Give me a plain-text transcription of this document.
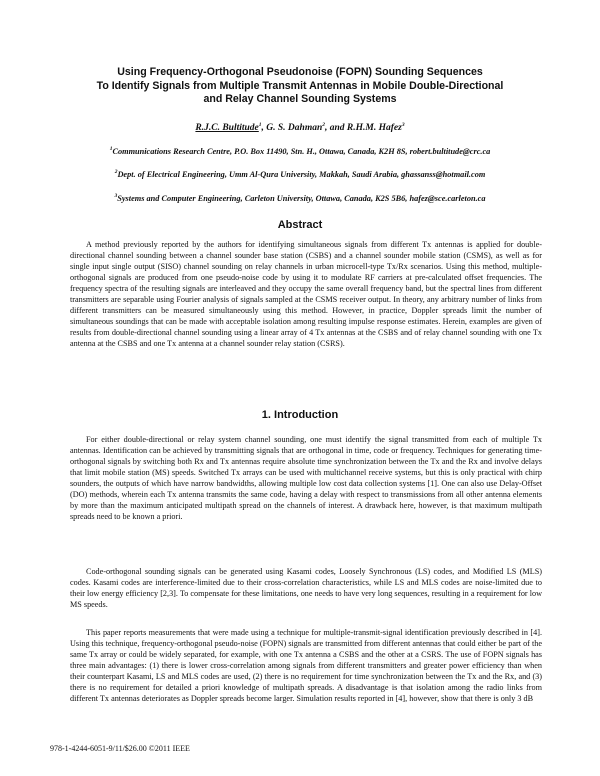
Using Frequency-Orthogonal Pseudonoise (FOPN) Sounding Sequences
To Identify Signals from Multiple Transmit Antennas in Mobile Double-Directional
and Relay Channel Sounding Systems
R.J.C. Bultitude$^1$, G. S. Dahman$^2$, and R.H.M. Hafez$^3$
$^1$Communications Research Centre, P.O. Box 11490, Stn. H., Ottawa, Canada, K2H 8S, robert.bultitude@crc.ca
$^2$Dept. of Electrical Engineering, Umm Al-Qura University, Makkah, Saudi Arabia, ghassanss@hotmail.com
$^3$Systems and Computer Engineering, Carleton University, Ottawa, Canada, K2S 5B6, hafez@sce.carleton.ca
Abstract
A method previously reported by the authors for identifying simultaneous signals from different Tx antennas is applied for double-directional channel sounding between a channel sounder base station (CSBS) and a channel sounder mobile station (CSMS), as well as for single input single output (SISO) channel sounding on relay channels in urban microcell-type Tx/Rx scenarios. Using this method, multiple-orthogonal signals are produced from one pseudo-noise code by using it to modulate RF carriers at pre-calculated offset frequencies. The frequency spectra of the resulting signals are interleaved and they occupy the same overall frequency band, but the spectral lines from different transmitters are separable using Fourier analysis of signals sampled at the CSMS receiver output. In theory, any arbitrary number of links from different transmitters can be measured simultaneously using this method. However, in practice, Doppler spreads limit the number of simultaneous soundings that can be made with acceptable isolation among resulting impulse response estimates. Herein, examples are given of results from double-directional channel sounding using a linear array of 4 Tx antennas at the CSBS and of relay channel sounding with one Tx antenna at the CSBS and one Tx antenna at a channel sounder relay station (CSRS).
1. Introduction
For either double-directional or relay system channel sounding, one must identify the signal transmitted from each of multiple Tx antennas. Identification can be achieved by transmitting signals that are orthogonal in time, code or frequency. Techniques for generating time-orthogonal signals by switching both Rx and Tx antennas require absolute time synchronization between the Tx and the Rx and involve delays that limit mobile station (MS) speeds. Switched Tx arrays can be used with multichannel receive systems, but this is only practical with chirp sounders, the outputs of which have narrow bandwidths, allowing multiple low cost data collection systems [1]. One can also use Delay-Offset (DO) methods, wherein each Tx antenna transmits the same code, having a delay with respect to transmissions from all other antenna elements by more than the maximum anticipated multipath spread on the channels of interest. A drawback here, however, is that maximum multipath spreads need to be known a priori.
Code-orthogonal sounding signals can be generated using Kasami codes, Loosely Synchronous (LS) codes, and Modified LS (MLS) codes. Kasami codes are interference-limited due to their cross-correlation characteristics, while LS and MLS codes are noise-limited due to their low energy efficiency [2,3]. To compensate for these limitations, one needs to have very long sequences, resulting in a requirement for low MS speeds.
This paper reports measurements that were made using a technique for multiple-transmit-signal identification previously described in [4]. Using this technique, frequency-orthogonal pseudo-noise (FOPN) signals are transmitted from different antennas that could either be part of the same Tx array or could be widely separated, for example, with one Tx antenna a CSBS and the other at a CSRS. The use of FOPN signals has three main advantages: (1) there is lower cross-correlation among signals from different transmitters and greater power efficiency than when their counterpart Kasami, LS and MLS codes are used, (2) there is no requirement for time synchronization between the Tx and the Rx, and (3) there is no requirement for detailed a priori knowledge of multipath spreads. A disadvantage is that isolation among the radio links from different Tx antennas deteriorates as Doppler spreads become larger. Simulation results reported in [4], however, show that there is only 3 dB
978-1-4244-6051-9/11/$26.00 ©2011 IEEE
